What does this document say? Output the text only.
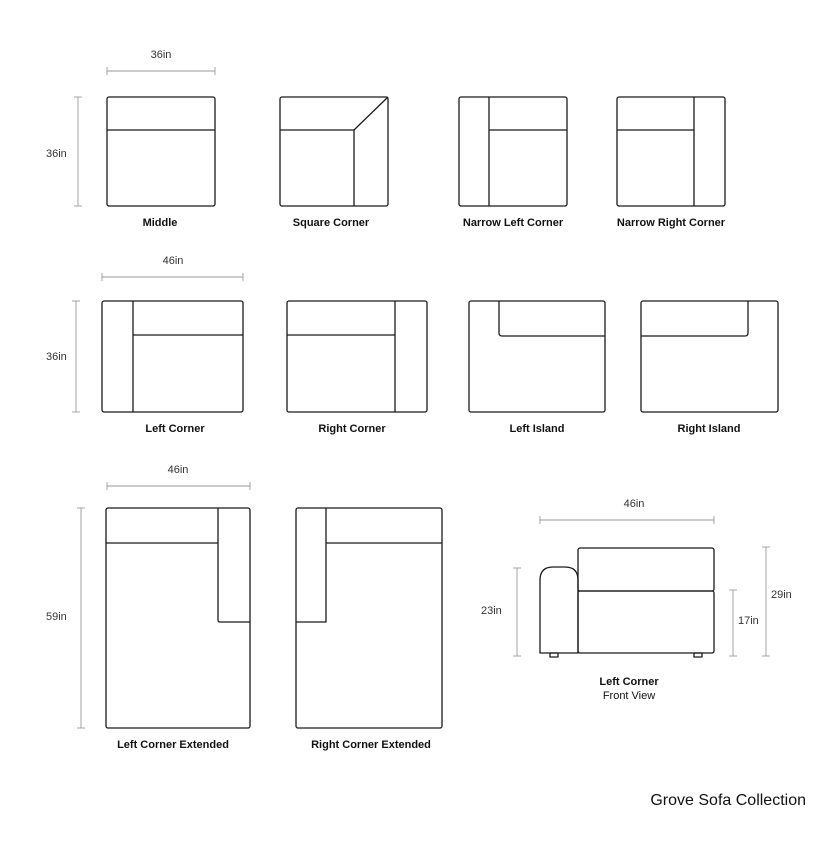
36in
36in
Middle	Square Corner	Narrow Left Corner	Narrow Right Corner
46in
36in
Left Corner	Right Corner	Left Island	Right Island
46in
59in
Left Corner Extended	Right Corner Extended
46in
23in
17in
29in
Left Corner
Front View
Grove Sofa Collection
